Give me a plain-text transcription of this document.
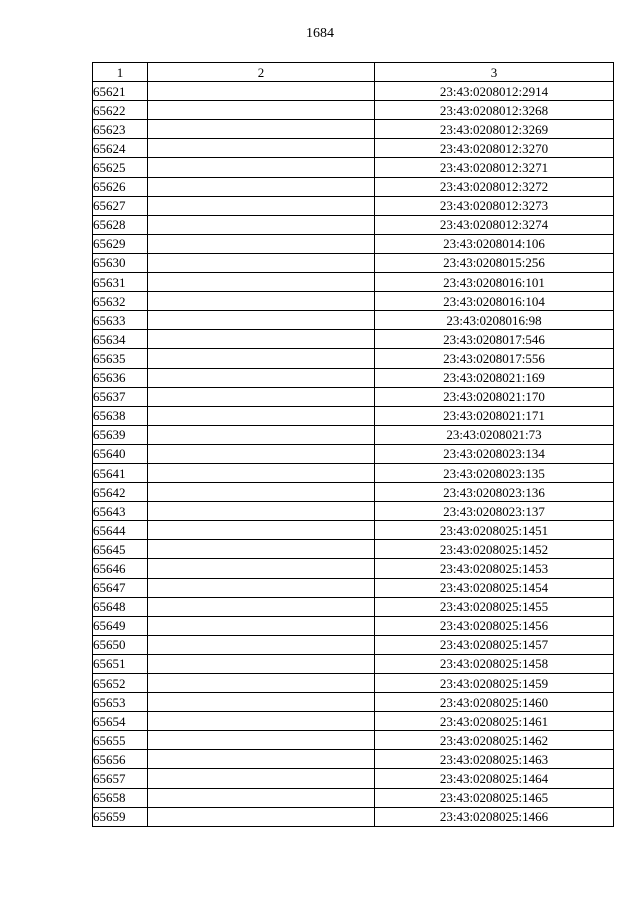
1684
1	2	3
65621		23:43:0208012:2914
65622		23:43:0208012:3268
65623		23:43:0208012:3269
65624		23:43:0208012:3270
65625		23:43:0208012:3271
65626		23:43:0208012:3272
65627		23:43:0208012:3273
65628		23:43:0208012:3274
65629		23:43:0208014:106
65630		23:43:0208015:256
65631		23:43:0208016:101
65632		23:43:0208016:104
65633		23:43:0208016:98
65634		23:43:0208017:546
65635		23:43:0208017:556
65636		23:43:0208021:169
65637		23:43:0208021:170
65638		23:43:0208021:171
65639		23:43:0208021:73
65640		23:43:0208023:134
65641		23:43:0208023:135
65642		23:43:0208023:136
65643		23:43:0208023:137
65644		23:43:0208025:1451
65645		23:43:0208025:1452
65646		23:43:0208025:1453
65647		23:43:0208025:1454
65648		23:43:0208025:1455
65649		23:43:0208025:1456
65650		23:43:0208025:1457
65651		23:43:0208025:1458
65652		23:43:0208025:1459
65653		23:43:0208025:1460
65654		23:43:0208025:1461
65655		23:43:0208025:1462
65656		23:43:0208025:1463
65657		23:43:0208025:1464
65658		23:43:0208025:1465
65659		23:43:0208025:1466
